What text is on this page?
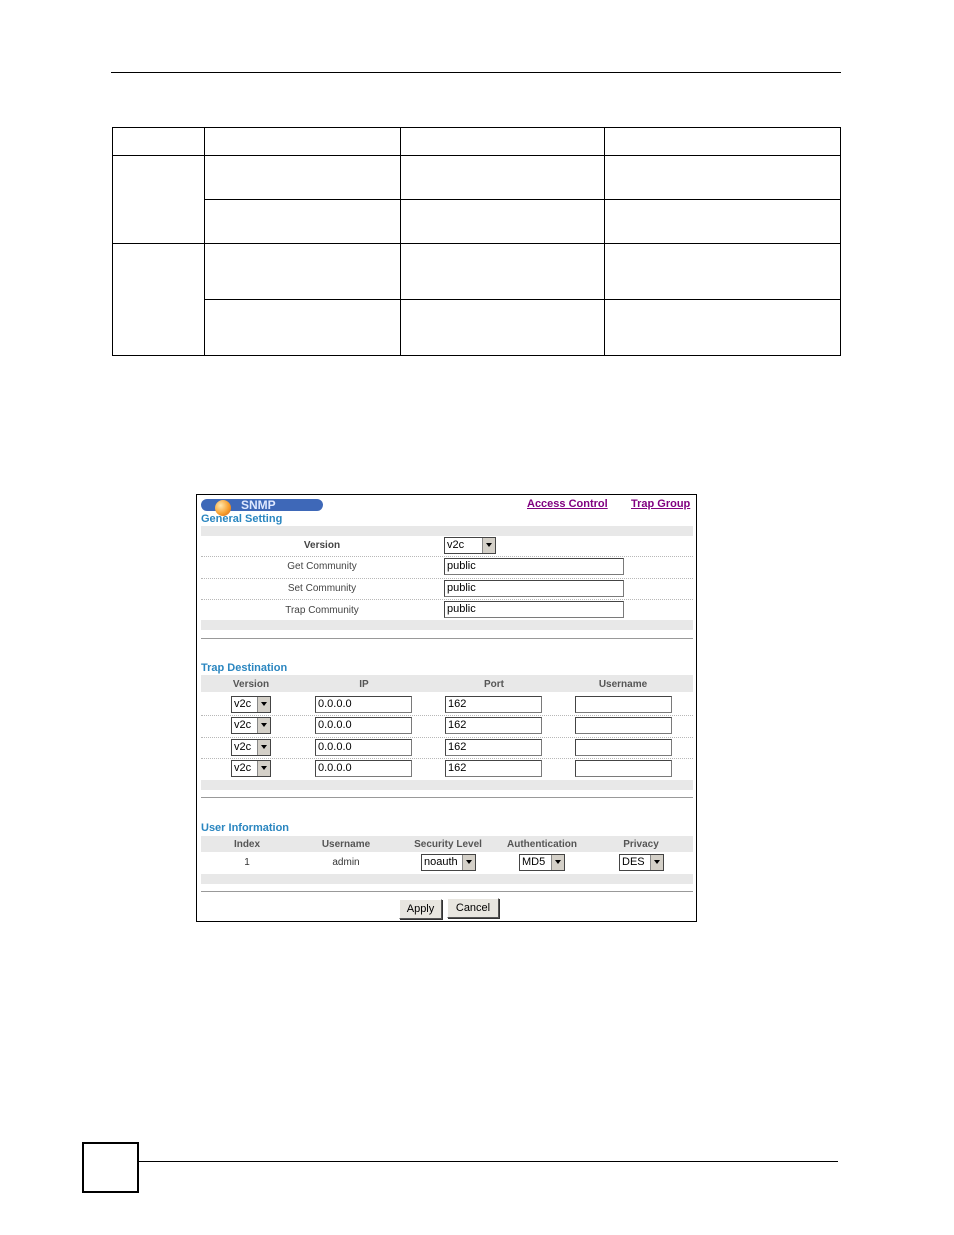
SNMP	Access Control Trap Group
General Setting
Version	v2c
Get Community	public
Set Community	public
Trap Community	public
Trap Destination
Version	IP	Port	Username
v2c	0.0.0.0	162
v2c	0.0.0.0	162
v2c	0.0.0.0	162
v2c	0.0.0.0	162
User Information
Index	Username	Security Level	Authentication	Privacy
1	admin	noauth	MD5	DES
Apply	Cancel
